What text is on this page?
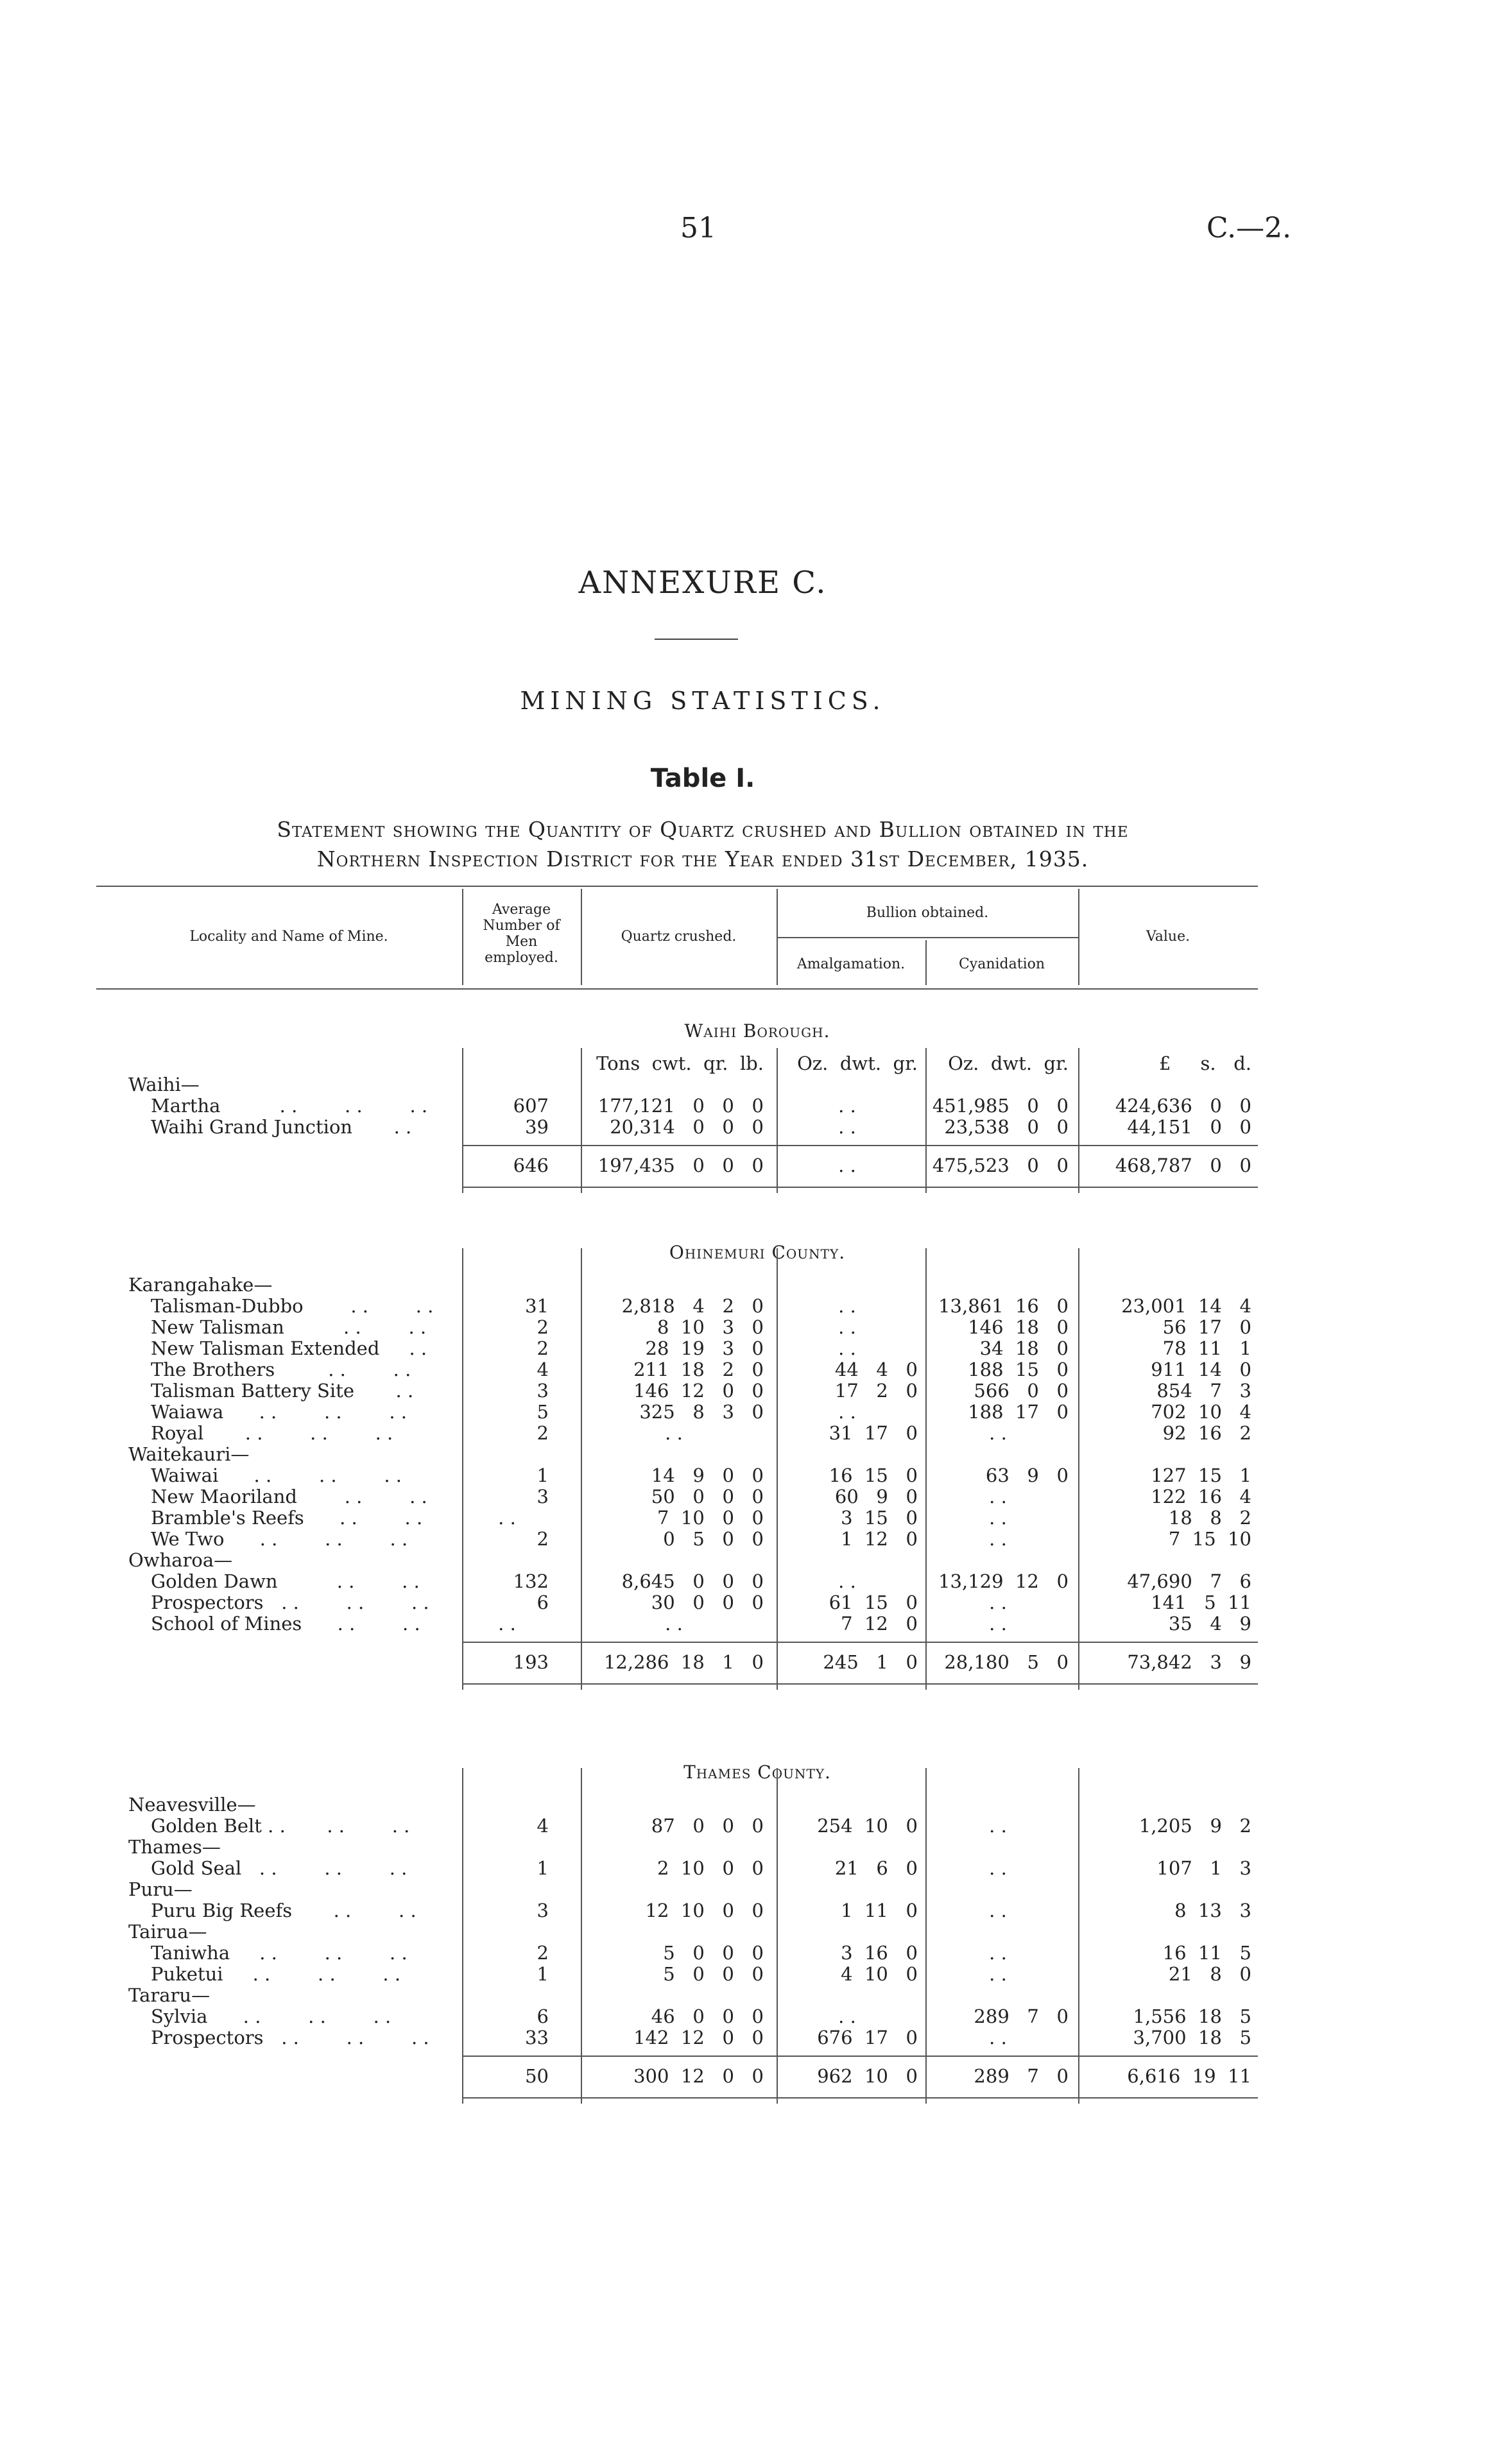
51	C.—2.
ANNEXURE C.
MINING STATISTICS.
Table I.
Statement showing the Quantity of Quartz crushed and Bullion obtained in the
Northern Inspection District for the Year ended 31st December, 1935.
Locality and Name of Mine.
Average
Number of
Men
employed.
Quartz crushed.
Bullion obtained.
Amalgamation.	Cyanidation
Value.
Waihi Borough.
Tons  cwt.  qr.  lb.	Oz.  dwt.  gr.	Oz.  dwt.  gr.	£     s.   d.
Waihi—
Martha          . .        . .        . .	607	177,121   0   0   0	. .	451,985   0   0	424,636   0   0
Waihi Grand Junction       . .	39	20,314   0   0   0	. .	23,538   0   0	44,151   0   0
646	197,435   0   0   0	. .	475,523   0   0	468,787   0   0
Ohinemuri County.
Karangahake—
Talisman-Dubbo        . .        . .	31	2,818   4   2   0	. .	13,861  16   0	23,001  14   4
New Talisman          . .        . .	2	8  10   3   0	. .	146  18   0	56  17   0
New Talisman Extended     . .	2	28  19   3   0	. .	34  18   0	78  11   1
The Brothers         . .        . .	4	211  18   2   0	44   4   0	188  15   0	911  14   0
Talisman Battery Site       . .	3	146  12   0   0	17   2   0	566   0   0	854   7   3
Waiawa      . .        . .        . .	5	325   8   3   0	. .	188  17   0	702  10   4
Royal       . .        . .        . .	2	. .	31  17   0	. .	92  16   2
Waitekauri—
Waiwai      . .        . .        . .	1	14   9   0   0	16  15   0	63   9   0	127  15   1
New Maoriland        . .        . .	3	50   0   0   0	60   9   0	. .	122  16   4
Bramble's Reefs      . .        . .	. .	7  10   0   0	3  15   0	. .	18   8   2
We Two      . .        . .        . .	2	0   5   0   0	1  12   0	. .	7  15  10
Owharoa—
Golden Dawn          . .        . .	132	8,645   0   0   0	. .	13,129  12   0	47,690   7   6
Prospectors   . .        . .        . .	6	30   0   0   0	61  15   0	. .	141   5  11
School of Mines      . .        . .	. .	. .	7  12   0	. .	35   4   9
193	12,286  18   1   0	245   1   0	28,180   5   0	73,842   3   9
Thames County.
Neavesville—
Golden Belt . .       . .        . .	4	87   0   0   0	254  10   0	. .	1,205   9   2
Thames—
Gold Seal   . .        . .        . .	1	2  10   0   0	21   6   0	. .	107   1   3
Puru—
Puru Big Reefs       . .        . .	3	12  10   0   0	1  11   0	. .	8  13   3
Tairua—
Taniwha     . .        . .        . .	2	5   0   0   0	3  16   0	. .	16  11   5
Puketui     . .        . .        . .	1	5   0   0   0	4  10   0	. .	21   8   0
Tararu—
Sylvia      . .        . .        . .	6	46   0   0   0	. .	289   7   0	1,556  18   5
Prospectors   . .        . .        . .	33	142  12   0   0	676  17   0	. .	3,700  18   5
50	300  12   0   0	962  10   0	289   7   0	6,616  19  11
